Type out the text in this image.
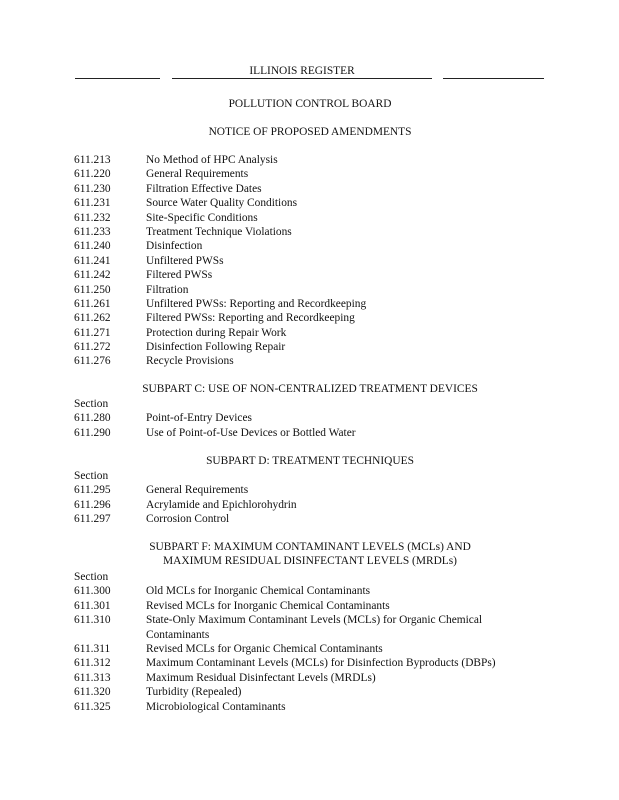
ILLINOIS REGISTER
POLLUTION CONTROL BOARD
NOTICE OF PROPOSED AMENDMENTS
611.213	No Method of HPC Analysis
611.220	General Requirements
611.230	Filtration Effective Dates
611.231	Source Water Quality Conditions
611.232	Site-Specific Conditions
611.233	Treatment Technique Violations
611.240	Disinfection
611.241	Unfiltered PWSs
611.242	Filtered PWSs
611.250	Filtration
611.261	Unfiltered PWSs: Reporting and Recordkeeping
611.262	Filtered PWSs: Reporting and Recordkeeping
611.271	Protection during Repair Work
611.272	Disinfection Following Repair
611.276	Recycle Provisions
SUBPART C: USE OF NON-CENTRALIZED TREATMENT DEVICES
Section
611.280	Point-of-Entry Devices
611.290	Use of Point-of-Use Devices or Bottled Water
SUBPART D: TREATMENT TECHNIQUES
Section
611.295	General Requirements
611.296	Acrylamide and Epichlorohydrin
611.297	Corrosion Control
SUBPART F: MAXIMUM CONTAMINANT LEVELS (MCLs) AND
MAXIMUM RESIDUAL DISINFECTANT LEVELS (MRDLs)
Section
611.300	Old MCLs for Inorganic Chemical Contaminants
611.301	Revised MCLs for Inorganic Chemical Contaminants
611.310	State-Only Maximum Contaminant Levels (MCLs) for Organic Chemical Contaminants
611.311	Revised MCLs for Organic Chemical Contaminants
611.312	Maximum Contaminant Levels (MCLs) for Disinfection Byproducts (DBPs)
611.313	Maximum Residual Disinfectant Levels (MRDLs)
611.320	Turbidity (Repealed)
611.325	Microbiological Contaminants
